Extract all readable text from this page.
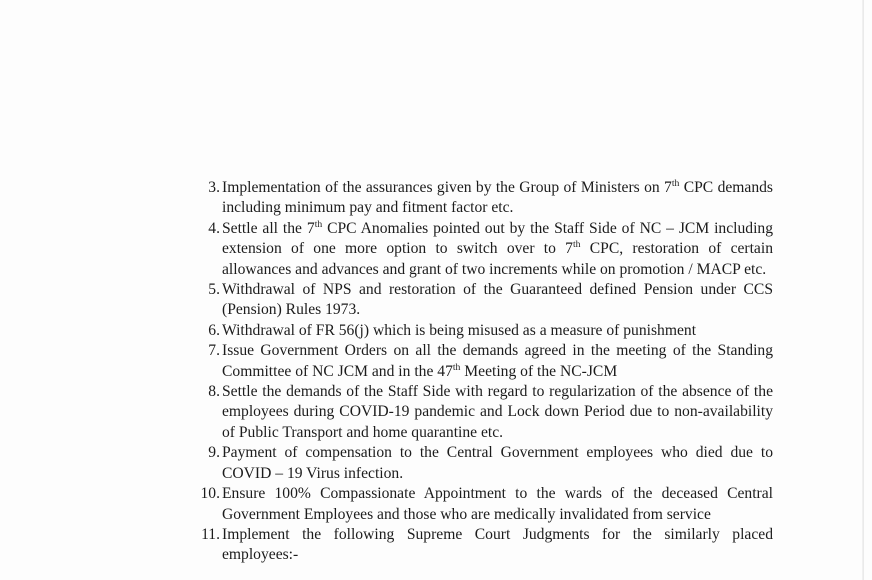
3. Implementation of the assurances given by the Group of Ministers on 7th CPC demands including minimum pay and fitment factor etc.
4. Settle all the 7th CPC Anomalies pointed out by the Staff Side of NC – JCM including extension of one more option to switch over to 7th CPC, restoration of certain allowances and advances and grant of two increments while on promotion / MACP etc.
5. Withdrawal of NPS and restoration of the Guaranteed defined Pension under CCS (Pension) Rules 1973.
6. Withdrawal of FR 56(j) which is being misused as a measure of punishment
7. Issue Government Orders on all the demands agreed in the meeting of the Standing Committee of NC JCM and in the 47th Meeting of the NC-JCM
8. Settle the demands of the Staff Side with regard to regularization of the absence of the employees during COVID-19 pandemic and Lock down Period due to non-availability of Public Transport and home quarantine etc.
9. Payment of compensation to the Central Government employees who died due to COVID – 19 Virus infection.
10. Ensure 100% Compassionate Appointment to the wards of the deceased Central Government Employees and those who are medically invalidated from service
11. Implement the following Supreme Court Judgments for the similarly placed employees:-
